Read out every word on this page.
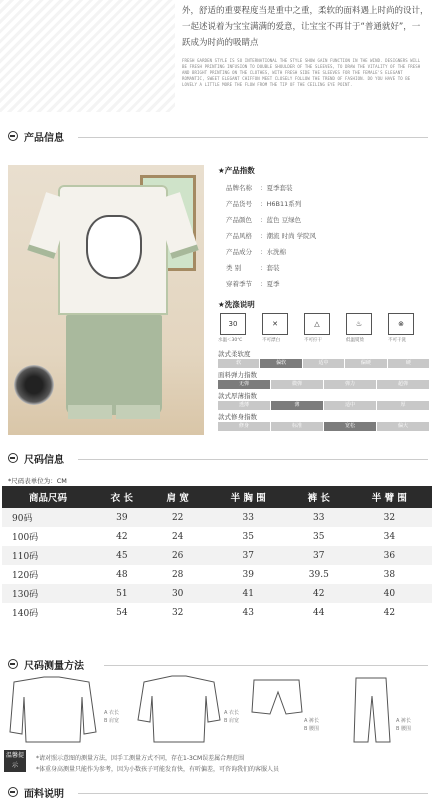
外，舒适的重要程度当是重中之重，柔软的面料遇上时尚的设计，
一起述说着为宝宝满满的爱意，让宝宝不再甘于“普通就好”，一
跃成为时尚的吸睛点
FRESH GARDEN STYLE IS SO INTERNATIONAL THE STYLE SHOW GAIN FUNCTION IN THE WIND. DESIGNERS WILL BE FRESH PRINTING INFUSION TO DOUBLE SHOULDER OF THE SLEEVES, TO DRAW THE VITALITY OF THE FRESH AND BRIGHT PRINTING ON THE CLOTHES, WITH FRESH SIDE THE SLEEVES FOR THE FEMALE'S ELEGANT ROMANTIC, SWEET ELEGANT CHIFFON MEET CLOSELY FOLLOW THE TREND OF FASHION. DO YOU HAVE TO BE LOVELY A LITTLE MORE THE FLOW FROM THE TIP OF THE CEILING EYE POINT.
产品信息
★产品指数
品牌名称 ：夏季套装
产品货号 ：H6B11系列
产品颜色 ：蓝色 豆绿色
产品风格 ：潮流 时尚 学院风
产品成分 ：水洗棉
类 别	：套装
穿着季节 ：夏季
★洗涤说明
30
水温＜30℃
✕
不可漂白
△
不可拧干
♨
低温熨烫
⊗
不可干洗
款式柔软度
软	偏软	适中	偏硬	硬
面料弹力指数
无弹	微弹	弹力	超弹
款式厚薄指数
透薄	薄	适中	厚
款式修身指数
修身	标准	宽松	偏大
尺码信息
*尺码表单位为：CM
商品尺码	衣 长	肩 宽	半 胸 围	裤 长	半 臂 围
90码	39	22	33	33	32
100码	42	24	35	35	34
110码	45	26	37	37	36
120码	48	28	39	39.5	38
130码	51	30	41	42	40
140码	54	32	43	44	42
尺码测量方法
A 衣长
B 肩宽
A 衣长
B 肩宽	A 裤长
B 腰围
A 裤长
B 腰围
温馨提示
*请对照示意图的测量方法，因手工测量方式不同，存在1-3CM误差属合理范围
*体重身高测量只能作为参考，因为小数孩子可能发育快，有听偏差，可咨询我们的客服人员
面料说明
